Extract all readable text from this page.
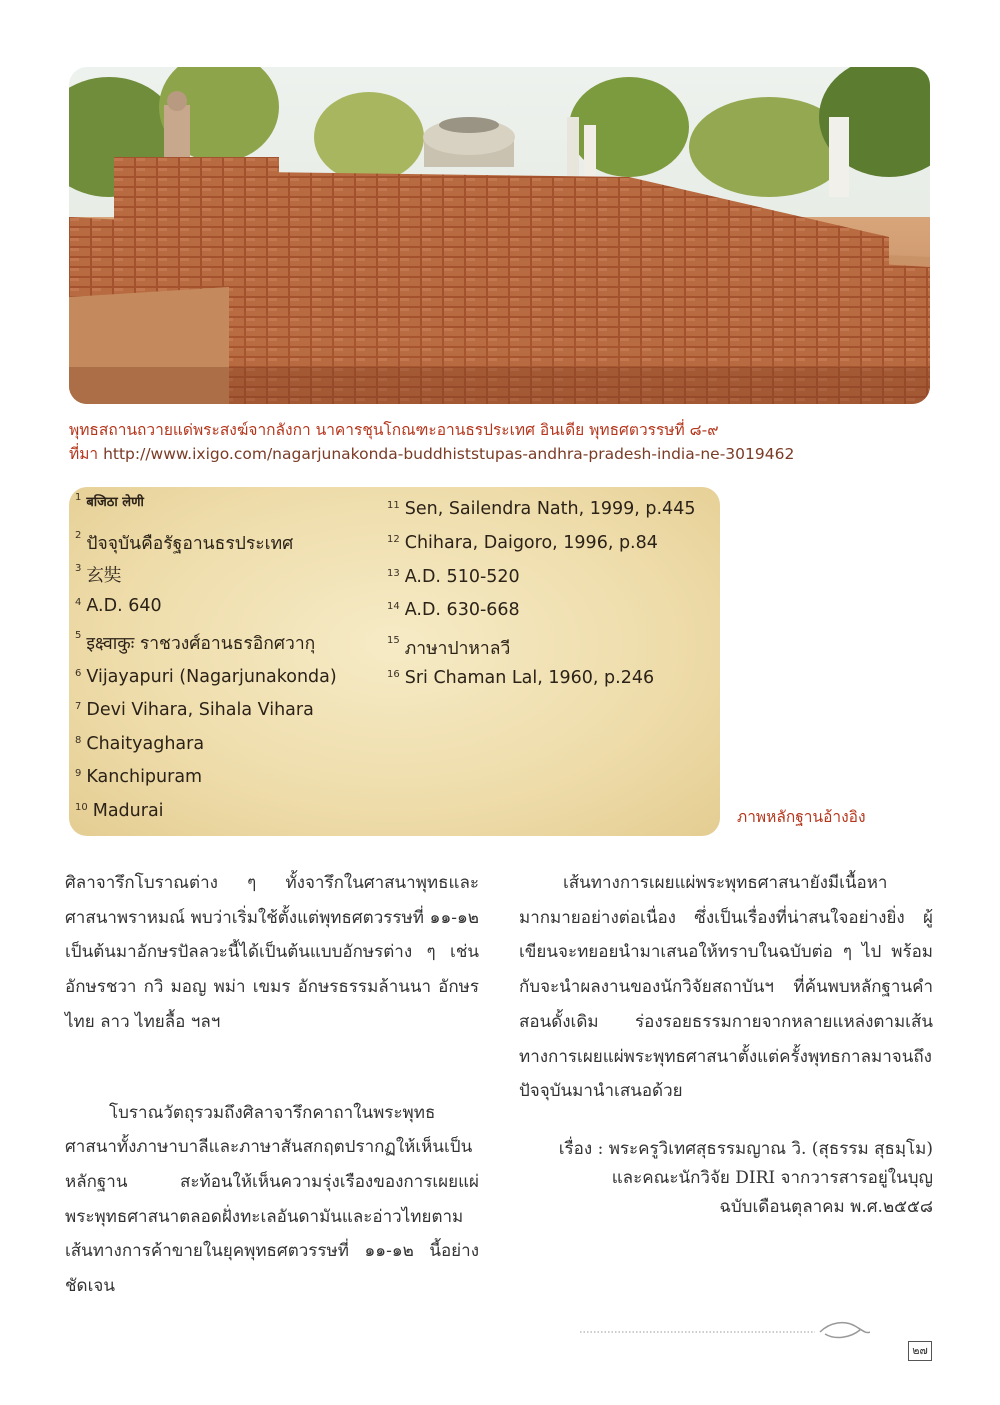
พุทธสถานถวายแด่พระสงฆ์จากลังกา นาคารชุนโกณฑะอานธรประเทศ อินเดีย พุทธศตวรรษที่ ๘-๙
ที่มา http://www.ixigo.com/nagarjunakonda-buddhiststupas-andhra-pradesh-india-ne-3019462
$^1$ बजिठा लेणी
$^2$ ปัจจุบันคือรัฐอานธรประเทศ
$^3$ 玄奘
$^4$ A.D. 640
$^5$ इक्ष्वाकुः ราชวงศ์อานธรอิกศวากุ
$^6$ Vijayapuri (Nagarjunakonda)
$^7$ Devi Vihara, Sihala Vihara
$^8$ Chaityaghara
$^9$ Kanchipuram
$^{10}$ Madurai
$^{11}$ Sen, Sailendra Nath, 1999, p.445
$^{12}$ Chihara, Daigoro, 1996, p.84
$^{13}$ A.D. 510-520
$^{14}$ A.D. 630-668
$^{15}$ ภาษาปาหาลวี
$^{16}$ Sri Chaman Lal, 1960, p.246
ภาพหลักฐานอ้างอิง

ศิลาจารึกโบราณต่าง ๆ ทั้งจารึกในศาสนาพุทธและศาสนาพราหมณ์ พบว่าเริ่มใช้ตั้งแต่พุทธศตวรรษที่ ๑๑-๑๒ เป็นต้นมาอักษรปัลลวะนี้ได้เป็นต้นแบบอักษรต่าง ๆ เช่นอักษรชวา กวิ มอญ พม่า เขมร อักษรธรรมล้านนา อักษรไทย ลาว ไทยลื้อ ฯลฯ

โบราณวัตถุรวมถึงศิลาจารึกคาถาในพระพุทธศาสนาทั้งภาษาบาลีและภาษาสันสกฤตปรากฏให้เห็นเป็นหลักฐาน สะท้อนให้เห็นความรุ่งเรืองของการเผยแผ่พระพุทธศาสนาตลอดฝั่งทะเลอันดามันและอ่าวไทยตามเส้นทางการค้าขายในยุคพุทธศตวรรษที่ ๑๑-๑๒ นี้อย่างชัดเจน

เส้นทางการเผยแผ่พระพุทธศาสนายังมีเนื้อหามากมายอย่างต่อเนื่อง ซึ่งเป็นเรื่องที่น่าสนใจอย่างยิ่ง ผู้เขียนจะทยอยนำมาเสนอให้ทราบในฉบับต่อ ๆ ไป พร้อมกับจะนำผลงานของนักวิจัยสถาบันฯ ที่ค้นพบหลักฐานคำสอนดั้งเดิม ร่องรอยธรรมกายจากหลายแหล่งตามเส้นทางการเผยแผ่พระพุทธศาสนาตั้งแต่ครั้งพุทธกาลมาจนถึงปัจจุบันมานำเสนอด้วย

เรื่อง : พระครูวิเทศสุธรรมญาณ วิ. (สุธรรม สุธมฺโม)
และคณะนักวิจัย DIRI จากวารสารอยู่ในบุญ
ฉบับเดือนตุลาคม พ.ศ.๒๕๕๘
๒๗
